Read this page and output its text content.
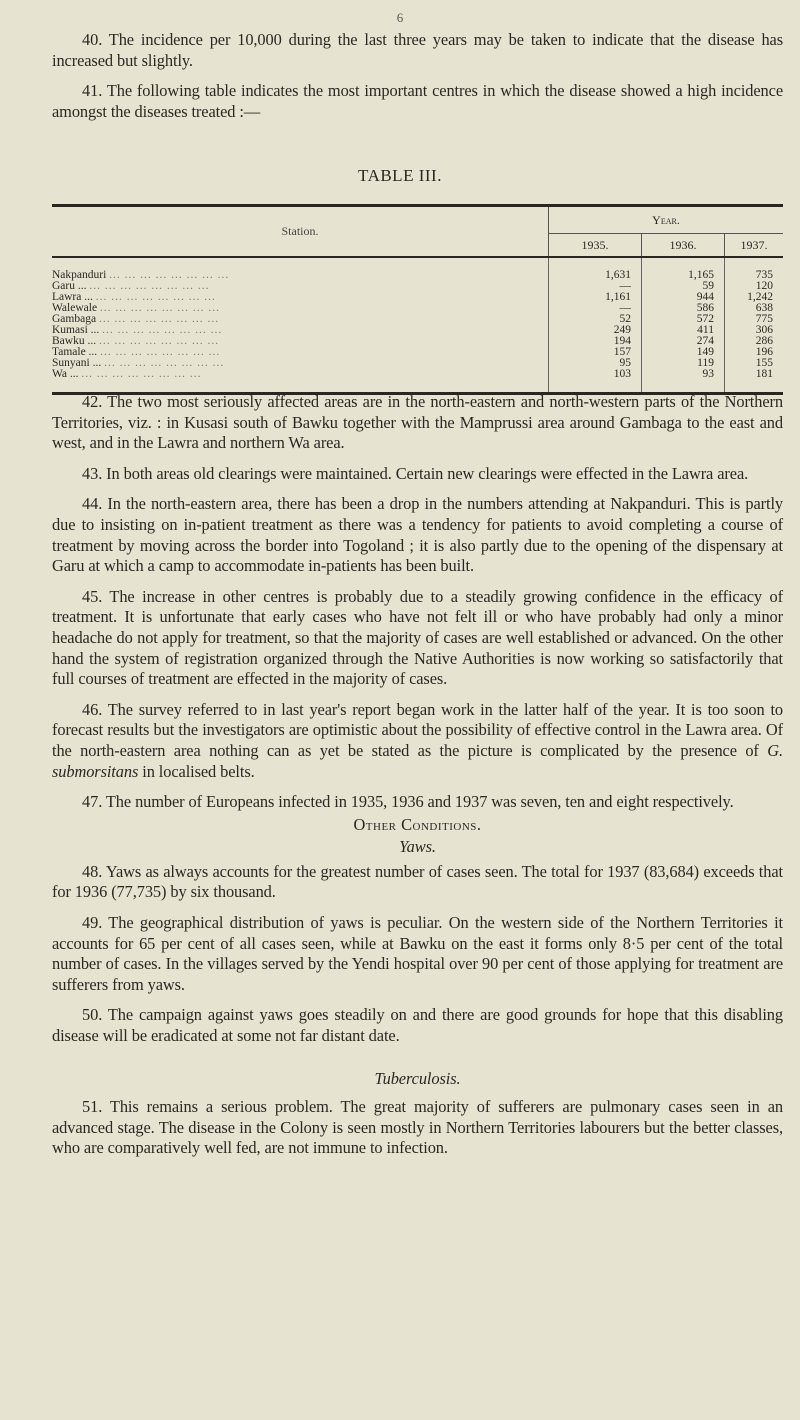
6

40. The incidence per 10,000 during the last three years may be taken to indicate that the disease has increased but slightly.

41. The following table indicates the most important centres in which the disease showed a high incidence amongst the diseases treated :—

TABLE III.
Station.	Year.		
	1935.	1936.	1937.

Nakpanduri ... ... ... ... ... ... ... ...	1,631	1,165	735
Garu ... ... ... ... ... ... ... ... ...	—	59	120
Lawra ... ... ... ... ... ... ... ... ...	1,161	944	1,242
Walewale ... ... ... ... ... ... ... ...	—	586	638
Gambaga ... ... ... ... ... ... ... ...	52	572	775
Kumasi ... ... ... ... ... ... ... ... ...	249	411	306
Bawku ... ... ... ... ... ... ... ... ...	194	274	286
Tamale ... ... ... ... ... ... ... ... ...	157	149	196
Sunyani ... ... ... ... ... ... ... ... ...	95	119	155
Wa ... ... ... ... ... ... ... ... ...	103	93	181

42. The two most seriously affected areas are in the north-eastern and north-western parts of the Northern Territories, viz. : in Kusasi south of Bawku together with the Mamprussi area around Gambaga to the east and west, and in the Lawra and northern Wa area.

43. In both areas old clearings were maintained. Certain new clearings were effected in the Lawra area.

44. In the north-eastern area, there has been a drop in the numbers attending at Nakpanduri. This is partly due to insisting on in-patient treatment as there was a tendency for patients to avoid completing a course of treatment by moving across the border into Togoland ; it is also partly due to the opening of the dispensary at Garu at which a camp to accommodate in-patients has been built.

45. The increase in other centres is probably due to a steadily growing confidence in the efficacy of treatment. It is unfortunate that early cases who have not felt ill or who have probably had only a minor headache do not apply for treatment, so that the majority of cases are well established or advanced. On the other hand the system of registration organized through the Native Authorities is now working so satisfactorily that full courses of treatment are effected in the majority of cases.

46. The survey referred to in last year's report began work in the latter half of the year. It is too soon to forecast results but the investigators are optimistic about the possibility of effective control in the Lawra area. Of the north-eastern area nothing can as yet be stated as the picture is complicated by the presence of G. submorsitans in localised belts.

47. The number of Europeans infected in 1935, 1936 and 1937 was seven, ten and eight respectively.

Other Conditions.

Yaws.

48. Yaws as always accounts for the greatest number of cases seen. The total for 1937 (83,684) exceeds that for 1936 (77,735) by six thousand.

49. The geographical distribution of yaws is peculiar. On the western side of the Northern Territories it accounts for 65 per cent of all cases seen, while at Bawku on the east it forms only 8·5 per cent of the total number of cases. In the villages served by the Yendi hospital over 90 per cent of those applying for treatment are sufferers from yaws.

50. The campaign against yaws goes steadily on and there are good grounds for hope that this disabling disease will be eradicated at some not far distant date.

Tuberculosis.

51. This remains a serious problem. The great majority of sufferers are pulmonary cases seen in an advanced stage. The disease in the Colony is seen mostly in Northern Territories labourers but the better classes, who are comparatively well fed, are not immune to infection.
